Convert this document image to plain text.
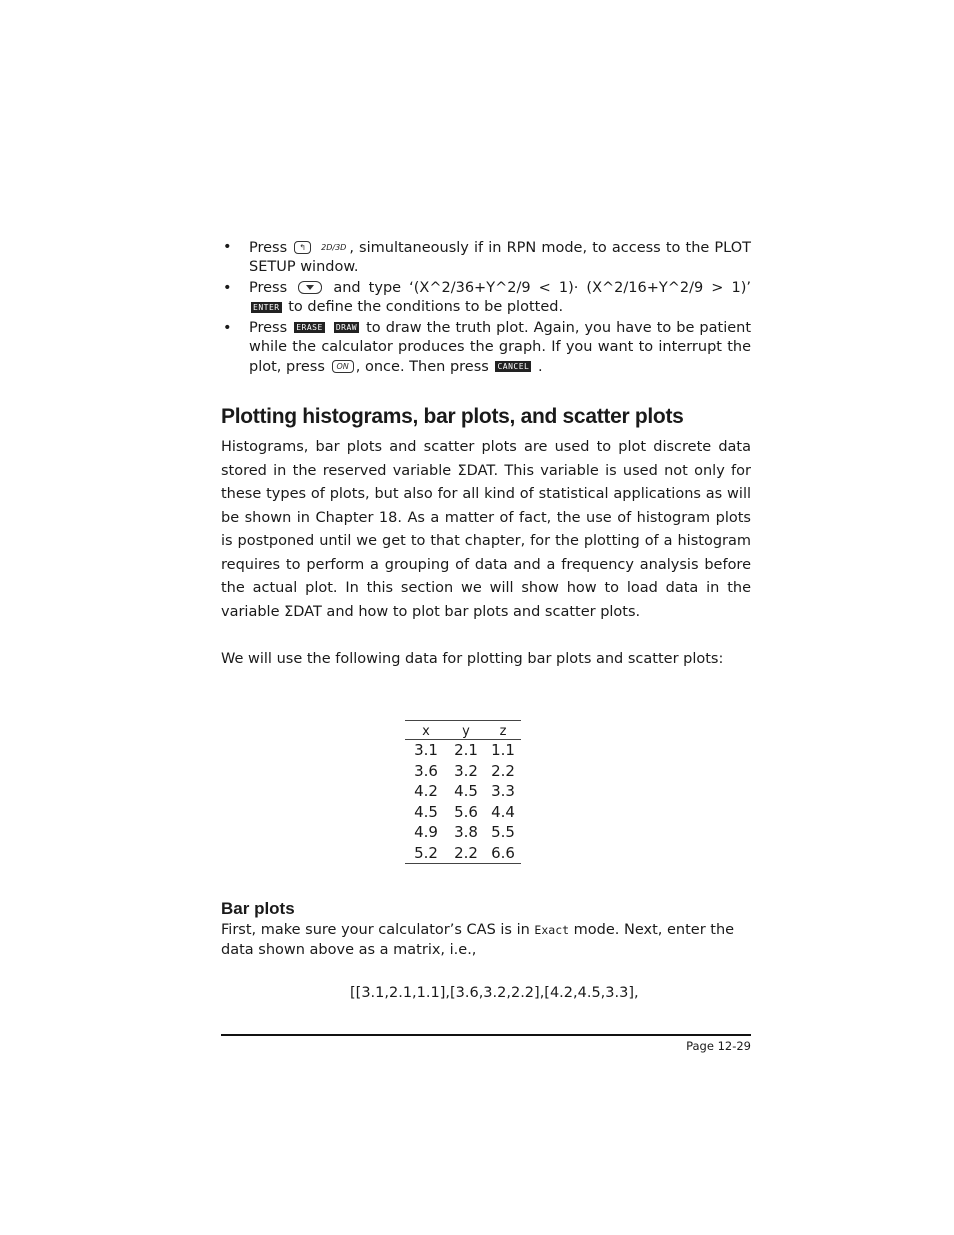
• Press ↰ 2D/3D , simultaneously if in RPN mode, to access to the PLOT SETUP window.
• Press	and type ‘(X^2/36+Y^2/9 < 1)· (X^2/16+Y^2/9 > 1)’ ENTER to define the conditions to be plotted.
• Press ERASE DRAW to draw the truth plot. Again, you have to be patient while the calculator produces the graph. If you want to interrupt the plot, press ON , once. Then press CANCEL .
Plotting histograms, bar plots, and scatter plots

Histograms, bar plots and scatter plots are used to plot discrete data stored in the reserved variable ΣDAT. This variable is used not only for these types of plots, but also for all kind of statistical applications as will be shown in Chapter 18. As a matter of fact, the use of histogram plots is postponed until we get to that chapter, for the plotting of a histogram requires to perform a grouping of data and a frequency analysis before the actual plot. In this section we will show how to load data in the variable ΣDAT and how to plot bar plots and scatter plots.

We will use the following data for plotting bar plots and scatter plots:

x	y	z
3.1	2.1	1.1
3.6	3.2	2.2
4.2	4.5	3.3
4.5	5.6	4.4
4.9	3.8	5.5
5.2	2.2	6.6
Bar plots

First, make sure your calculator’s CAS is in Exact mode. Next, enter the data shown above as a matrix, i.e.,

[[3.1,2.1,1.1],[3.6,3.2,2.2],[4.2,4.5,3.3],
Page 12-29
